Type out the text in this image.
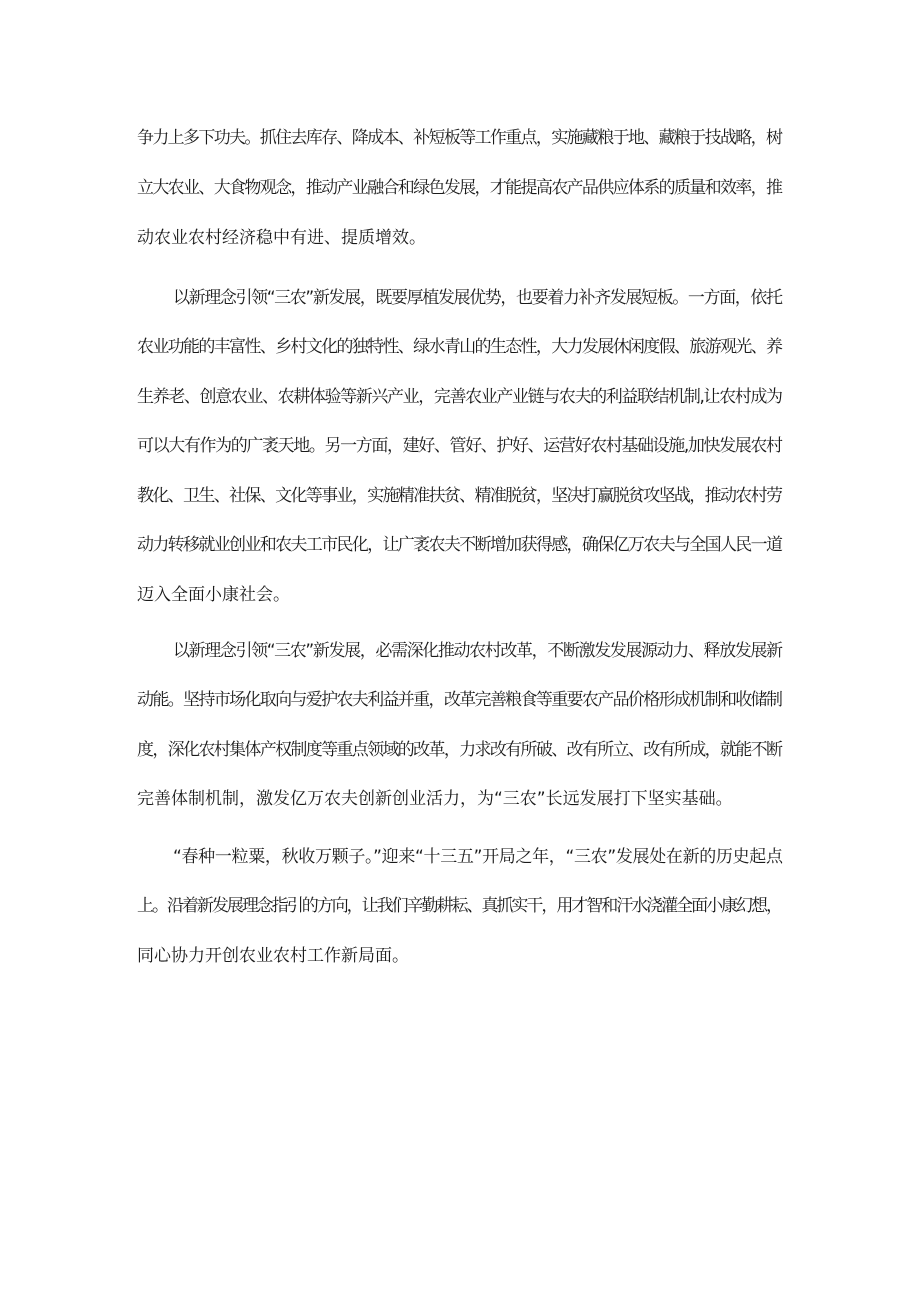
争力上多下功夫。抓住去库存、降成本、补短板等工作重点，实施藏粮于地、藏粮于技战略，树
立大农业、大食物观念，推动产业融合和绿色发展，才能提高农产品供应体系的质量和效率，推
动农业农村经济稳中有进、提质增效。
以新理念引领“三农”新发展，既要厚植发展优势，也要着力补齐发展短板。一方面，依托
农业功能的丰富性、乡村文化的独特性、绿水青山的生态性，大力发展休闲度假、旅游观光、养
生养老、创意农业、农耕体验等新兴产业，完善农业产业链与农夫的利益联结机制,让农村成为
可以大有作为的广袤天地。另一方面，建好、管好、护好、运营好农村基础设施,加快发展农村
教化、卫生、社保、文化等事业，实施精准扶贫、精准脱贫，坚决打赢脱贫攻坚战，推动农村劳
动力转移就业创业和农夫工市民化，让广袤农夫不断增加获得感，确保亿万农夫与全国人民一道
迈入全面小康社会。
以新理念引领“三农”新发展，必需深化推动农村改革，不断激发发展源动力、释放发展新
动能。坚持市场化取向与爱护农夫利益并重，改革完善粮食等重要农产品价格形成机制和收储制
度，深化农村集体产权制度等重点领域的改革，力求改有所破、改有所立、改有所成，就能不断
完善体制机制，激发亿万农夫创新创业活力，为“三农”长远发展打下坚实基础。
“春种一粒粟，秋收万颗子。”迎来“十三五”开局之年，“三农”发展处在新的历史起点
上。沿着新发展理念指引的方向，让我们辛勤耕耘、真抓实干，用才智和汗水浇灌全面小康幻想，
同心协力开创农业农村工作新局面。
